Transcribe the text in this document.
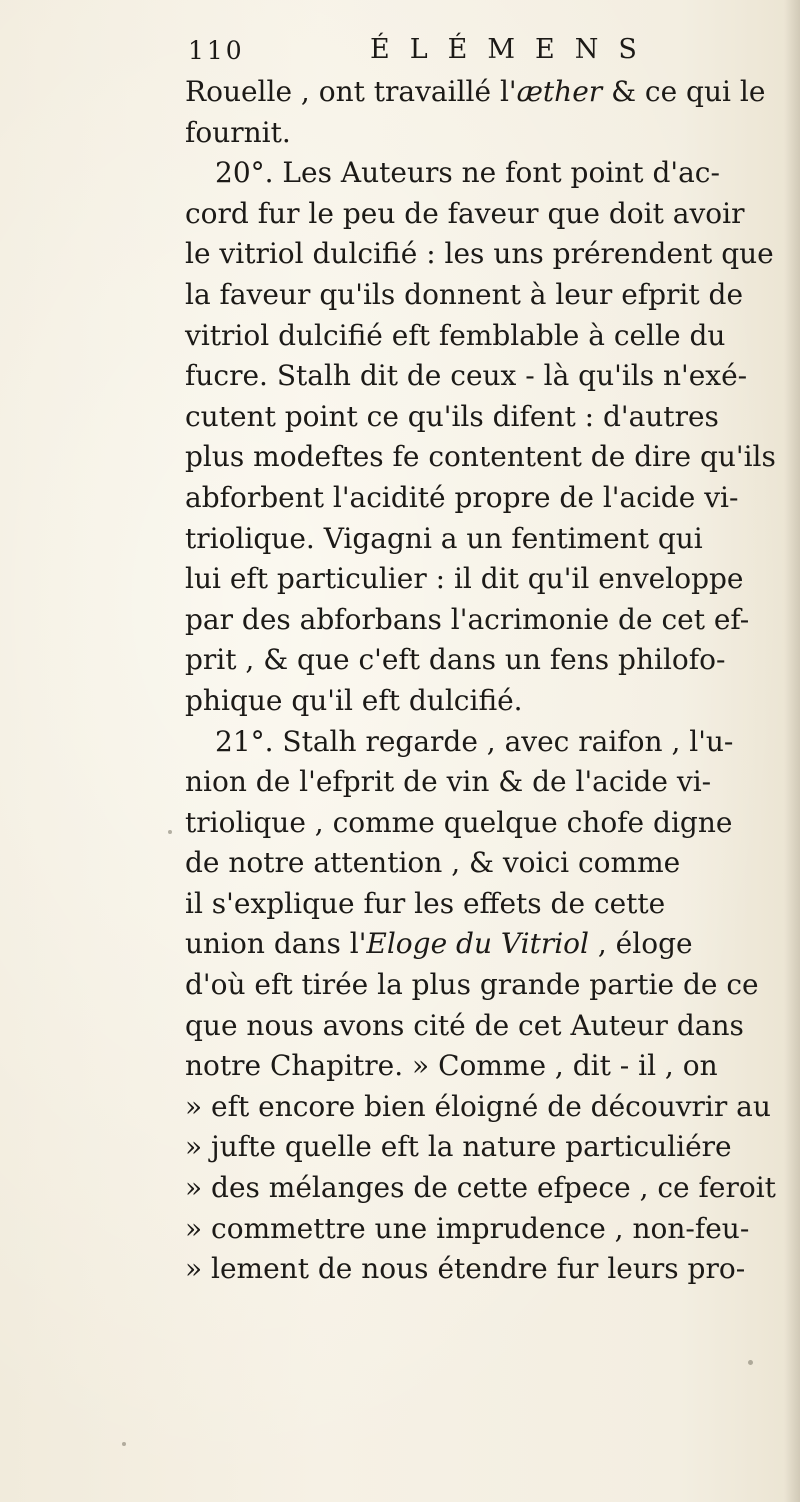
110	ÉLÉMENS
Rouelle , ont travaillé l'æther & ce qui le
fournit.
20°. Les Auteurs ne font point d'ac-
cord fur le peu de faveur que doit avoir
le vitriol dulcifié : les uns prérendent que
la faveur qu'ils donnent à leur efprit de
vitriol dulcifié eft femblable à celle du
fucre. Stalh dit de ceux - là qu'ils n'exé-
cutent point ce qu'ils difent : d'autres
plus modeftes fe contentent de dire qu'ils
abforbent l'acidité propre de l'acide vi-
triolique. Vigagni a un fentiment qui
lui eft particulier : il dit qu'il enveloppe
par des abforbans l'acrimonie de cet ef-
prit , & que c'eft dans un fens philofo-
phique qu'il eft dulcifié.
21°. Stalh regarde , avec raifon , l'u-
nion de l'efprit de vin & de l'acide vi-
triolique , comme quelque chofe digne
de notre attention , & voici comme
il s'explique fur les effets de cette
union dans l'Eloge du Vitriol , éloge
d'où eft tirée la plus grande partie de ce
que nous avons cité de cet Auteur dans
notre Chapitre. » Comme , dit - il , on
» eft encore bien éloigné de découvrir au
» jufte quelle eft la nature particuliére
» des mélanges de cette efpece , ce feroit
» commettre une imprudence , non-feu-
» lement de nous étendre fur leurs pro-
